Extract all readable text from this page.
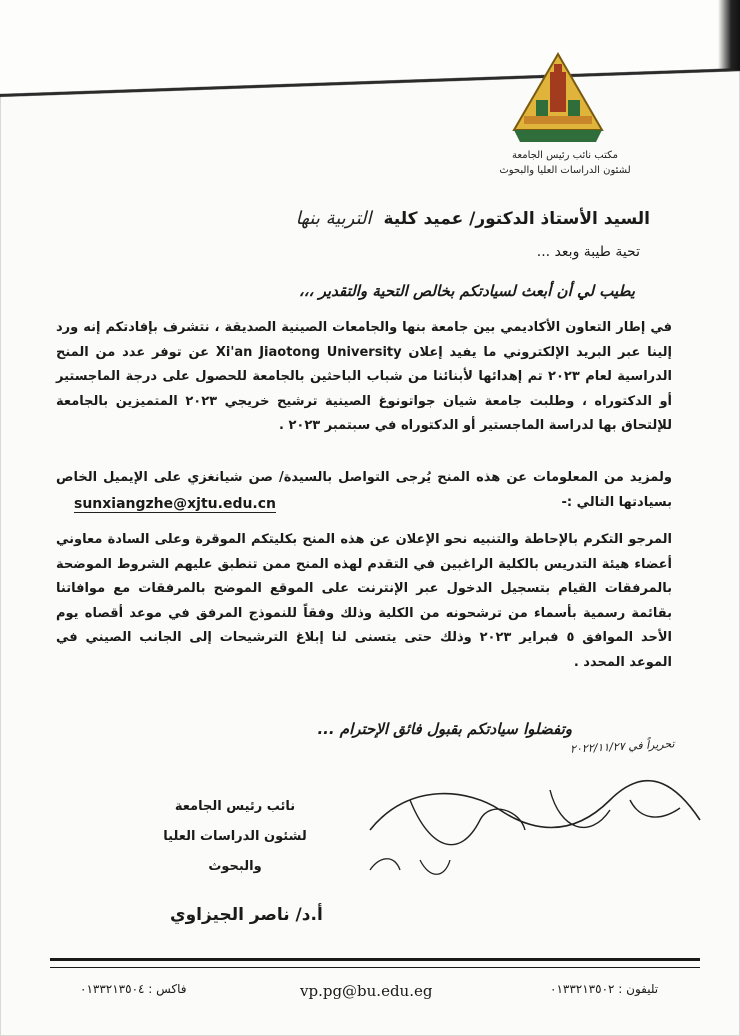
مكتب نائب رئيس الجامعة
لشئون الدراسات العليا والبحوث
السيد الأستاذ الدكتور/ عميد كلية التربية بنها
تحية طيبة وبعد ...
يطيب لي أن أبعث لسيادتكم بخالص التحية والتقدير ،،،
في إطار التعاون الأكاديمي بين جامعة بنها والجامعات الصينية الصديقة ، نتشرف بإفادتكم إنه ورد إلينا عبر البريد الإلكتروني ما يفيد إعلان Xi'an Jiaotong University عن توفر عدد من المنح الدراسية لعام ٢٠٢٣ تم إهدائها لأبنائنا من شباب الباحثين بالجامعة للحصول على درجة الماجستير أو الدكتوراه ، وطلبت جامعة شيان جواتونوغ الصينية ترشيح خريجي ٢٠٢٣ المتميزين بالجامعة للإلتحاق بها لدراسة الماجستير أو الدكتوراه في سبتمبر ٢٠٢٣ .
ولمزيد من المعلومات عن هذه المنح يُرجى التواصل بالسيدة/ صن شيانغزي على الإيميل الخاص بسيادتها التالي :-
sunxiangzhe@xjtu.edu.cn
المرجو التكرم بالإحاطة والتنبيه نحو الإعلان عن هذه المنح بكليتكم الموقرة وعلى السادة معاوني أعضاء هيئة التدريس بالكلية الراغبين في التقدم لهذه المنح ممن تنطبق عليهم الشروط الموضحة بالمرفقات القيام بتسجيل الدخول عبر الإنترنت على الموقع الموضح بالمرفقات مع موافاتنا بقائمة رسمية بأسماء من ترشحونه من الكلية وذلك وفقاً للنموذج المرفق في موعد أقصاه يوم الأحد الموافق ٥ فبراير ٢٠٢٣ وذلك حتى يتسنى لنا إبلاغ الترشيحات إلى الجانب الصيني في الموعد المحدد .
وتفضلوا سيادتكم بقبول فائق الإحترام ...
تحريراً في ٢٠٢٢/١١/٢٧
نائب رئيس الجامعة
لشئون الدراسات العليا والبحوث
أ.د/ ناصر الجيزاوي
فاكس : ٠١٣٣٢١٣٥٠٤	vp.pg@bu.edu.eg	تليفون : ٠١٣٣٢١٣٥٠٢
